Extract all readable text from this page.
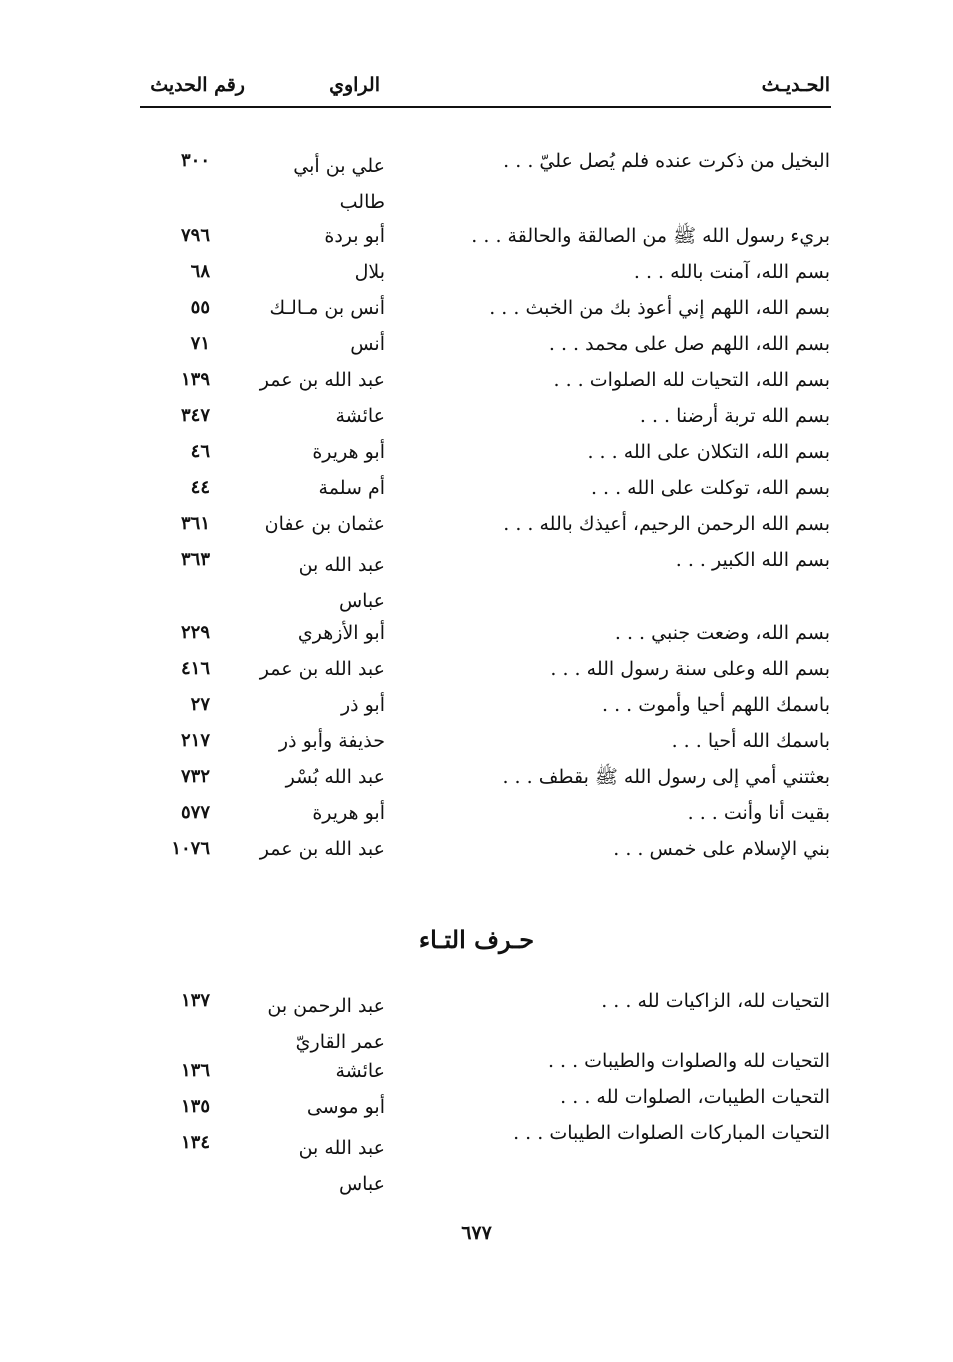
الحـديـث
الراوي
رقم الحديث
البخيل من ذكرت عنده فلم يُصل عليّ . . .
علي بن أبي طالب
٣٠٠
بريء رسول الله ﷺ من الصالقة والحالقة . . .
أبو بردة
٧٩٦
بسم الله، آمنت بالله . . .
بلال
٦٨
بسم الله، اللهم إني أعوذ بك من الخبث . . .
أنس بن مـالـك
٥٥
بسم الله، اللهم صل على محمد . . .
أنس
٧١
بسم الله، التحيات لله الصلوات . . .
عبد الله بن عمر
١٣٩
بسم الله تربة أرضنا . . .
عائشة
٣٤٧
بسم الله، التكلان على الله . . .
أبو هريرة
٤٦
بسم الله، توكلت على الله . . .
أم سلمة
٤٤
بسم الله الرحمن الرحيم، أعيذك بالله . . .
عثمان بن عفان
٣٦١
بسم الله الكبير . . .
عبد الله بن عباس
٣٦٣
بسم الله، وضعت جنبي . . .
أبو الأزهري
٢٢٩
بسم الله وعلى سنة رسول الله . . .
عبد الله بن عمر
٤١٦
باسمك اللهم أحيا وأموت . . .
أبو ذر
٢٧
باسمك الله أحيا . . .
حذيفة وأبو ذر
٢١٧
بعثتني أمي إلى رسول الله ﷺ بقطف . . .
عبد الله بُسْر
٧٣٢
بقيت أنا وأنت . . .
أبو هريرة
٥٧٧
بني الإسلام على خمس . . .
عبد الله بن عمر
١٠٧٦
حـرف التـاء
التحيات لله، الزاكيات لله . . .
عبد الرحمن بن عمر القاريّ
١٣٧
التحيات لله والصلوات والطيبات . . .
عائشة
١٣٦
التحيات الطيبات، الصلوات لله . . .
أبو موسى
١٣٥
التحيات المباركات الصلوات الطيبات . . .
عبد الله بن عباس
١٣٤
٦٧٧
